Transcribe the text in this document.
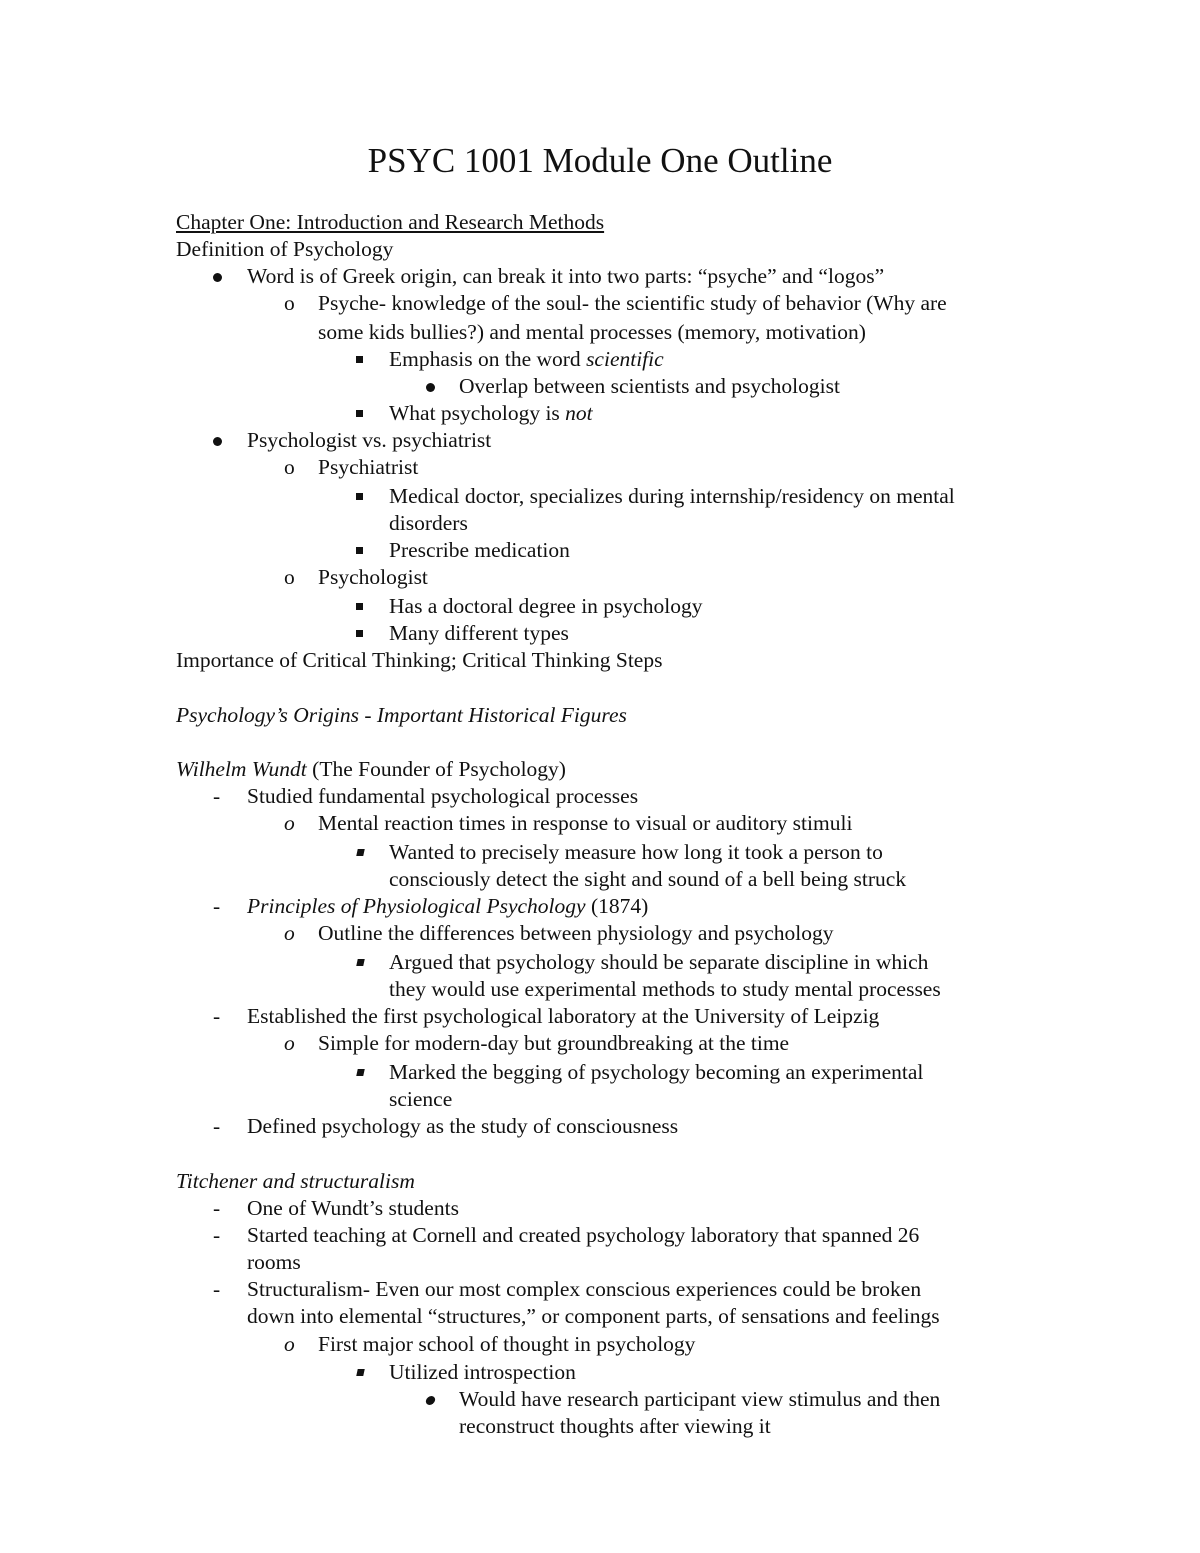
PSYC 1001 Module One Outline
Chapter One: Introduction and Research Methods
Definition of Psychology
Word is of Greek origin, can break it into two parts: “psyche” and “logos”
o Psyche- knowledge of the soul- the scientific study of behavior (Why are
some kids bullies?) and mental processes (memory, motivation)
Emphasis on the word scientific
Overlap between scientists and psychologist
What psychology is not
Psychologist vs. psychiatrist
o Psychiatrist
Medical doctor, specializes during internship/residency on mental
disorders
Prescribe medication
o Psychologist
Has a doctoral degree in psychology
Many different types
Importance of Critical Thinking; Critical Thinking Steps
Psychology’s Origins - Important Historical Figures
Wilhelm Wundt (The Founder of Psychology)
- Studied fundamental psychological processes
o Mental reaction times in response to visual or auditory stimuli
Wanted to precisely measure how long it took a person to
consciously detect the sight and sound of a bell being struck
- Principles of Physiological Psychology (1874)
o Outline the differences between physiology and psychology
Argued that psychology should be separate discipline in which
they would use experimental methods to study mental processes
- Established the first psychological laboratory at the University of Leipzig
o Simple for modern-day but groundbreaking at the time
Marked the begging of psychology becoming an experimental
science
- Defined psychology as the study of consciousness
Titchener and structuralism
- One of Wundt’s students
- Started teaching at Cornell and created psychology laboratory that spanned 26
rooms
- Structuralism- Even our most complex conscious experiences could be broken
down into elemental “structures,” or component parts, of sensations and feelings
o First major school of thought in psychology
Utilized introspection
Would have research participant view stimulus and then
reconstruct thoughts after viewing it
